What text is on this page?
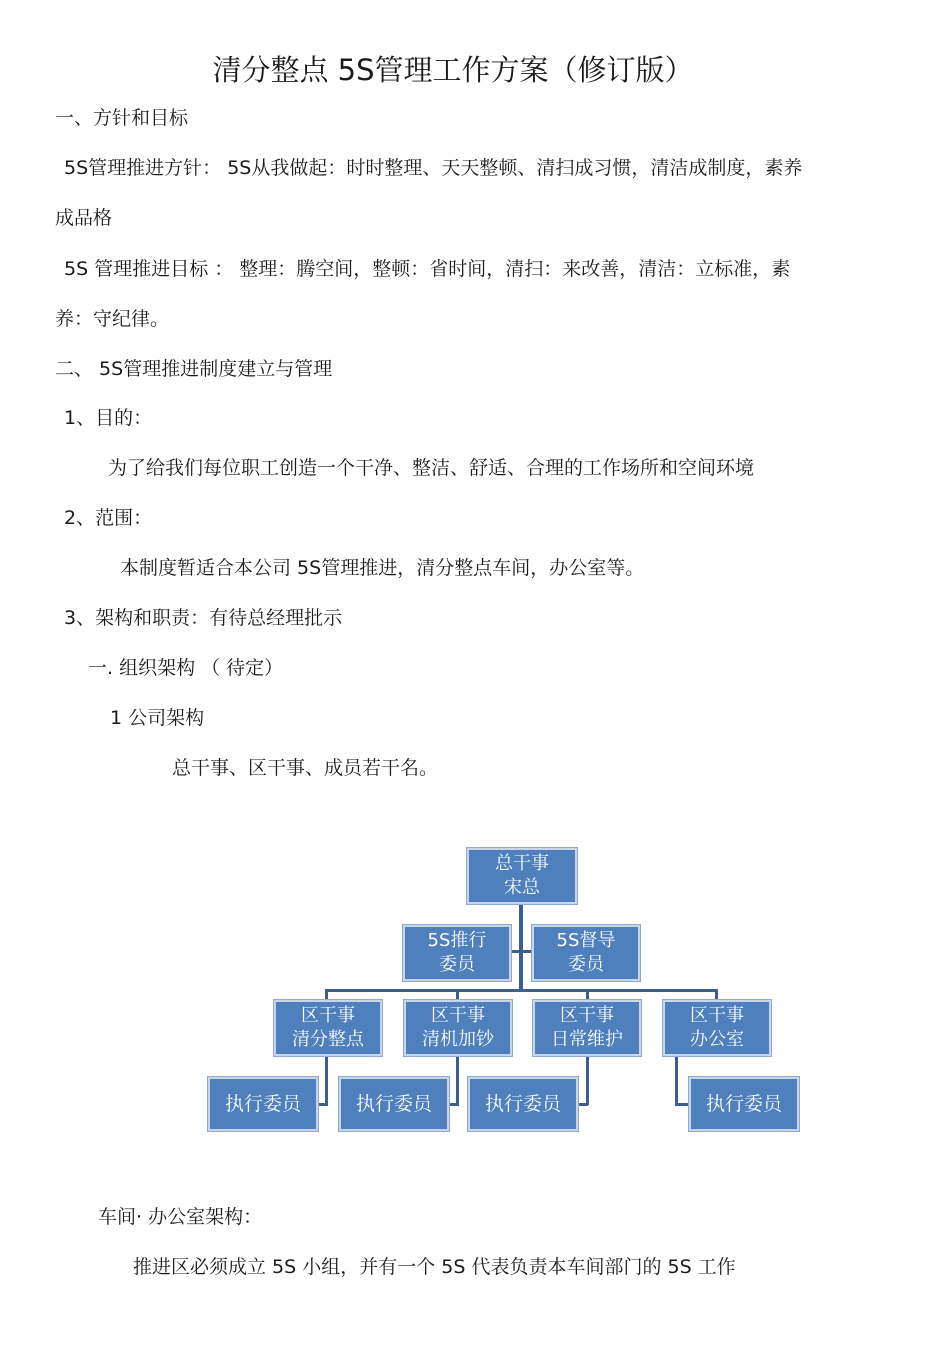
清分整点 5S管理工作方案（修订版）
一、方针和目标
5S管理推进方针： 5S从我做起：时时整理、天天整顿、清扫成习惯，清洁成制度，素养
成品格
5S 管理推进目标 ： 整理：腾空间，整顿：省时间，清扫：来改善，清洁：立标准，素
养：守纪律。
二、 5S管理推进制度建立与管理
1、目的：
为了给我们每位职工创造一个干净、整洁、舒适、合理的工作场所和空间环境
2、范围：
本制度暂适合本公司 5S管理推进，清分整点车间，办公室等。
3、架构和职责：有待总经理批示
一. 组织架构 （ 待定）
1 公司架构
总干事、区干事、成员若干名。
总干事
宋总
5S推行
委员
5S督导
委员
区干事
清分整点
区干事
清机加钞
区干事
日常维护
区干事
办公室
执行委员	执行委员	执行委员	执行委员
车间· 办公室架构：
推进区必须成立 5S 小组，并有一个 5S 代表负责本车间部门的 5S 工作
